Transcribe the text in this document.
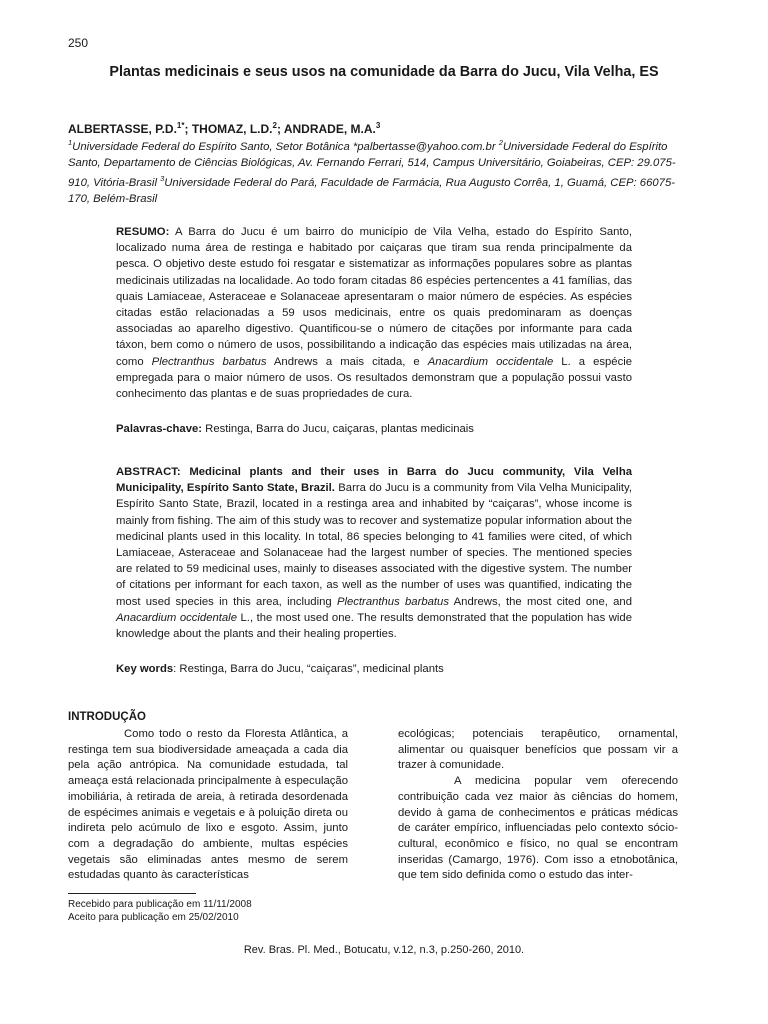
250
Plantas medicinais e seus usos na comunidade da Barra do Jucu, Vila Velha, ES
ALBERTASSE, P.D.$^{1*}$; THOMAZ, L.D.$^2$; ANDRADE, M.A.$^3$
$^1$Universidade Federal do Espírito Santo, Setor Botânica *palbertasse@yahoo.com.br $^2$Universidade Federal do Espírito Santo, Departamento de Ciências Biológicas, Av. Fernando Ferrari, 514, Campus Universitário, Goiabeiras, CEP: 29.075-910, Vitória-Brasil $^3$Universidade Federal do Pará, Faculdade de Farmácia, Rua Augusto Corrêa, 1, Guamá, CEP: 66075-170, Belém-Brasil
RESUMO: A Barra do Jucu é um bairro do município de Vila Velha, estado do Espírito Santo, localizado numa área de restinga e habitado por caiçaras que tiram sua renda principalmente da pesca. O objetivo deste estudo foi resgatar e sistematizar as informações populares sobre as plantas medicinais utilizadas na localidade. Ao todo foram citadas 86 espécies pertencentes a 41 famílias, das quais Lamiaceae, Asteraceae e Solanaceae apresentaram o maior número de espécies. As espécies citadas estão relacionadas a 59 usos medicinais, entre os quais predominaram as doenças associadas ao aparelho digestivo. Quantificou-se o número de citações por informante para cada táxon, bem como o número de usos, possibilitando a indicação das espécies mais utilizadas na área, como Plectranthus barbatus Andrews a mais citada, e Anacardium occidentale L. a espécie empregada para o maior número de usos. Os resultados demonstram que a população possui vasto conhecimento das plantas e de suas propriedades de cura.
Palavras-chave: Restinga, Barra do Jucu, caiçaras, plantas medicinais
ABSTRACT: Medicinal plants and their uses in Barra do Jucu community, Vila Velha Municipality, Espírito Santo State, Brazil. Barra do Jucu is a community from Vila Velha Municipality, Espírito Santo State, Brazil, located in a restinga area and inhabited by “caiçaras”, whose income is mainly from fishing. The aim of this study was to recover and systematize popular information about the medicinal plants used in this locality. In total, 86 species belonging to 41 families were cited, of which Lamiaceae, Asteraceae and Solanaceae had the largest number of species. The mentioned species are related to 59 medicinal uses, mainly to diseases associated with the digestive system. The number of citations per informant for each taxon, as well as the number of uses was quantified, indicating the most used species in this area, including Plectranthus barbatus Andrews, the most cited one, and Anacardium occidentale L., the most used one. The results demonstrated that the population has wide knowledge about the plants and their healing properties.
Key words: Restinga, Barra do Jucu, “caiçaras”, medicinal plants
INTRODUÇÃO

Como todo o resto da Floresta Atlântica, a restinga tem sua biodiversidade ameaçada a cada dia pela ação antrópica. Na comunidade estudada, tal ameaça está relacionada principalmente à especulação imobiliária, à retirada de areia, à retirada desordenada de espécimes animais e vegetais e à poluição direta ou indireta pelo acúmulo de lixo e esgoto. Assim, junto com a degradação do ambiente, multas espécies vegetais são eliminadas antes mesmo de serem estudadas quanto às características

ecológicas; potenciais terapêutico, ornamental, alimentar ou quaisquer benefícios que possam vir a trazer à comunidade.

A medicina popular vem oferecendo contribuição cada vez maior às ciências do homem, devido à gama de conhecimentos e práticas médicas de caráter empírico, influenciadas pelo contexto sócio-cultural, econômico e físico, no qual se encontram inseridas (Camargo, 1976). Com isso a etnobotânica, que tem sido definida como o estudo das inter-

Recebido para publicação em 11/11/2008
Aceito para publicação em 25/02/2010
Rev. Bras. Pl. Med., Botucatu, v.12, n.3, p.250-260, 2010.
